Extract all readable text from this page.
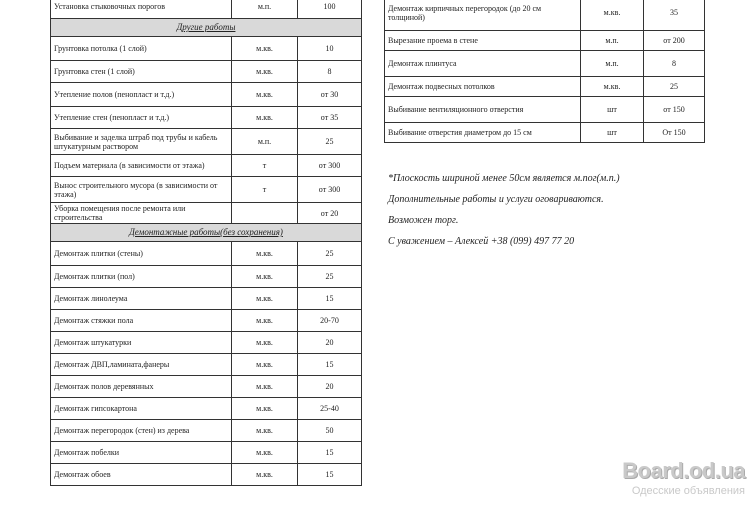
Установка стыковочных порогов	м.п.	100
Другие работы		
Грунтовка потолка (1 слой)	м.кв.	10
Грунтовка стен (1 слой)	м.кв.	8
Утепление полов (пенопласт и т.д.)	м.кв.	от 30
Утепление стен (пенопласт и т.д.)	м.кв.	от 35
Выбивание и заделка штраб под трубы и кабель штукатурным раствором	м.п.	25
Подъем материала (в зависимости от этажа)	т	от 300
Вынос строительного мусора (в зависимости от этажа)	т	от 300
Уборка помещения после ремонта или строительства		от 20
Демонтажные работы(без сохранения)		
Демонтаж плитки (стены)	м.кв.	25
Демонтаж плитки (пол)	м.кв.	25
Демонтаж линолеума	м.кв.	15
Демонтаж стяжки пола	м.кв.	20-70
Демонтаж штукатурки	м.кв.	20
Демонтаж ДВП,ламината,фанеры	м.кв.	15
Демонтаж полов деревянных	м.кв.	20
Демонтаж гипсокартона	м.кв.	25-40
Демонтаж перегородок (стен) из дерева	м.кв.	50
Демонтаж побелки	м.кв.	15
Демонтаж обоев	м.кв.	15
Демонтаж кирпичных перегородок (до 20 см толщиной)	м.кв.	35
Вырезание проема в стене	м.п.	от 200
Демонтаж плинтуса	м.п.	8
Демонтаж подвесных потолков	м.кв.	25
Выбивание вентиляционного отверстия	шт	от 150
Выбивание отверстия диаметром до 15 см	шт	От 150

*Плоскость шириной менее 50см является м.пог(м.п.)

Дополнительные работы и услуги оговариваются.

Возможен торг.

С уважением – Алексей +38 (099) 497 77 20

Board.od.ua
Одесские объявления
